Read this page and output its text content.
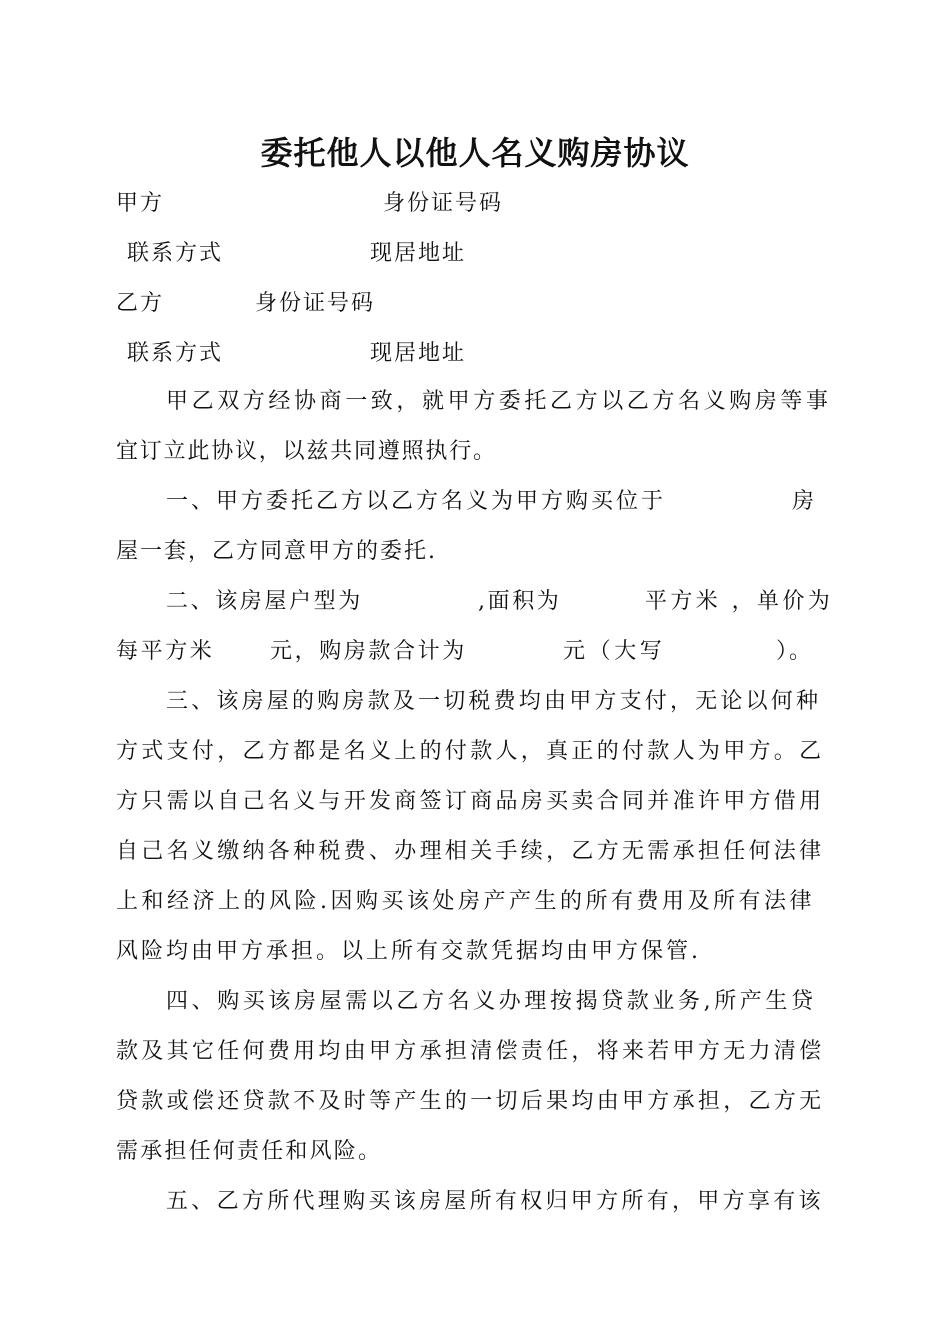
委托他人以他人名义购房协议
甲方	身份证号码
联系方式	现居地址
乙方	身份证号码
联系方式	现居地址
甲乙双方经协商一致，就甲方委托乙方以乙方名义购房等事
宜订立此协议，以兹共同遵照执行。
一、甲方委托乙方以乙方名义为甲方购买位于	房
屋一套，乙方同意甲方的委托.
二、该房屋户型为	,面积为	平方米 ，单价为
每平方米	元，购房款合计为	元（大写	）。
三、该房屋的购房款及一切税费均由甲方支付，无论以何种
方式支付，乙方都是名义上的付款人，真正的付款人为甲方。乙
方只需以自己名义与开发商签订商品房买卖合同并准许甲方借用
自己名义缴纳各种税费、办理相关手续，乙方无需承担任何法律
上和经济上的风险.因购买该处房产产生的所有费用及所有法律
风险均由甲方承担。以上所有交款凭据均由甲方保管.
四、购买该房屋需以乙方名义办理按揭贷款业务,所产生贷
款及其它任何费用均由甲方承担清偿责任，将来若甲方无力清偿
贷款或偿还贷款不及时等产生的一切后果均由甲方承担，乙方无
需承担任何责任和风险。
五、乙方所代理购买该房屋所有权归甲方所有，甲方享有该
